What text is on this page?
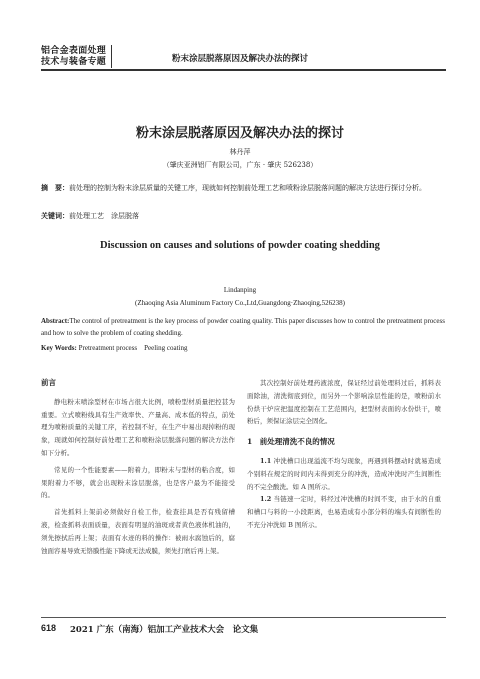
铝合金表面处理
技术与装备专题	粉末涂层脱落原因及解决办法的探讨
粉末涂层脱落原因及解决办法的探讨
林丹萍
（肇庆亚洲铝厂有限公司，广东 · 肇庆 526238）
摘　要：前处理的控制为粉末涂层质量的关键工序，现就如何控制前处理工艺和喷粉涂层脱落问题的解决方法进行探讨分析。
关键词：前处理工艺　涂层脱落
Discussion on causes and solutions of powder coating shedding
Lindanping
(Zhaoqing Asia Aluminum Factory Co.,Ltd,Guangdong·Zhaoqing,526238)
Abstract:The control of pretreatment is the key process of powder coating quality. This paper discusses how to control the pretreatment process and how to solve the problem of coating shedding.
Key Words: Pretreatment process　Peeling coating
前言

静电粉末喷涂型材在市场占很大比例，喷粉型材质量把控甚为重要。立式喷粉线具有生产效率快、产量高、成本低的特点，前处理为喷粉质量的关键工序，若控制不好，在生产中易出现掉粉的现象，现就如何控制好前处理工艺和喷粉涂层脱落问题的解决方法作如下分析。

常见的一个性能要素——附着力，即粉末与型材的粘合度，如果附着力不够，就会出现粉末涂层脱落，也是客户最为不能接受的。

首先抓料上架前必须做好自检工作，检查挂具是否有残留槽液，检查抓料表面质量，表面有明显的油斑或者黄色液体机油的，须先擦拭后再上架；表面有水迹的料的操作：被雨水腐蚀后的，腐蚀面容易导致无铬膜性能下降或无法成膜，须先打磨后再上架。

其次控制好前处理药液浓度，保证经过前处理料过后，抓料表面除油，清洗彻底到位，而另外一个影响涂层性能的是，喷粉前水份烘干炉应把温度控制在工艺范围内，把型材表面的水份烘干，喷粉后，须保证涂层完全固化。

1　前处理清洗不良的情况

1.1 冲洗槽口出现溢流不均匀现象，再遇到料摆动时就易造成个别料在规定的时间内未得到充分的冲洗，造成冲洗时产生间断性的不完全酸洗。如 A 图所示。

1.2 当链速一定时，料经过冲洗槽的时间不变，由于水的自重和槽口与料的一小段距离，也易造成有小部分料的端头有间断性的不充分冲洗如 B 图所示。

618 2021 广东（南海）铝加工产业技术大会　论文集
